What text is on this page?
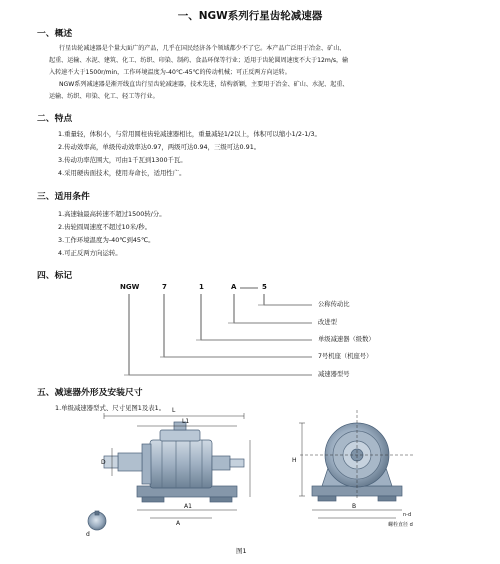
一、NGW系列行星齿轮减速器
一、概述
行星齿轮减速器是个量大面广的产品，几乎在国民经济各个领域都少不了它。本产品广泛用于冶金、矿山、
起重、运输、水泥、建筑、化工、纺织、印染、制药、食品环保等行业；适用于齿轮圆周速度不大于12m/s，输
入转速不大于1500r/min，工作环境温度为-40℃-45℃的传动机械；可正反两方向运转。
NGW系列减速器是渐开线直齿行星齿轮减速器，技术先进，结构新颖，主要用于冶金、矿山、水泥、起重、
运输、纺织、印染、化工、轻工等行业。
二、特点
1.重量轻，体积小，与常用圆柱齿轮减速器相比，重量减轻1/2以上，体积可以缩小1/2-1/3。
2.传动效率高，单级传动效率达0.97，两级可达0.94，三级可达0.91。
3.传动功率范围大，可由1千瓦到1300千瓦。
4.采用硬齿面技术，使用寿命长，适用性广。
三、适用条件
1.高速轴最高转速不超过1500转/分。
2.齿轮圆周速度不超过10米/秒。
3.工作环境温度为-40℃到45℃。
4.可正反两方向运转。
四、标记
NGW	7	1	A	5
公称传动比
改进型
单级减速器（级数）
7号机座（机座号）
减速器型号
五、减速器外形及安装尺寸
1.单级减速器型式、尺寸见图1及表1。 L
L1
D
A1
A
d
H
B
n-d
螺栓直径 d
图1
